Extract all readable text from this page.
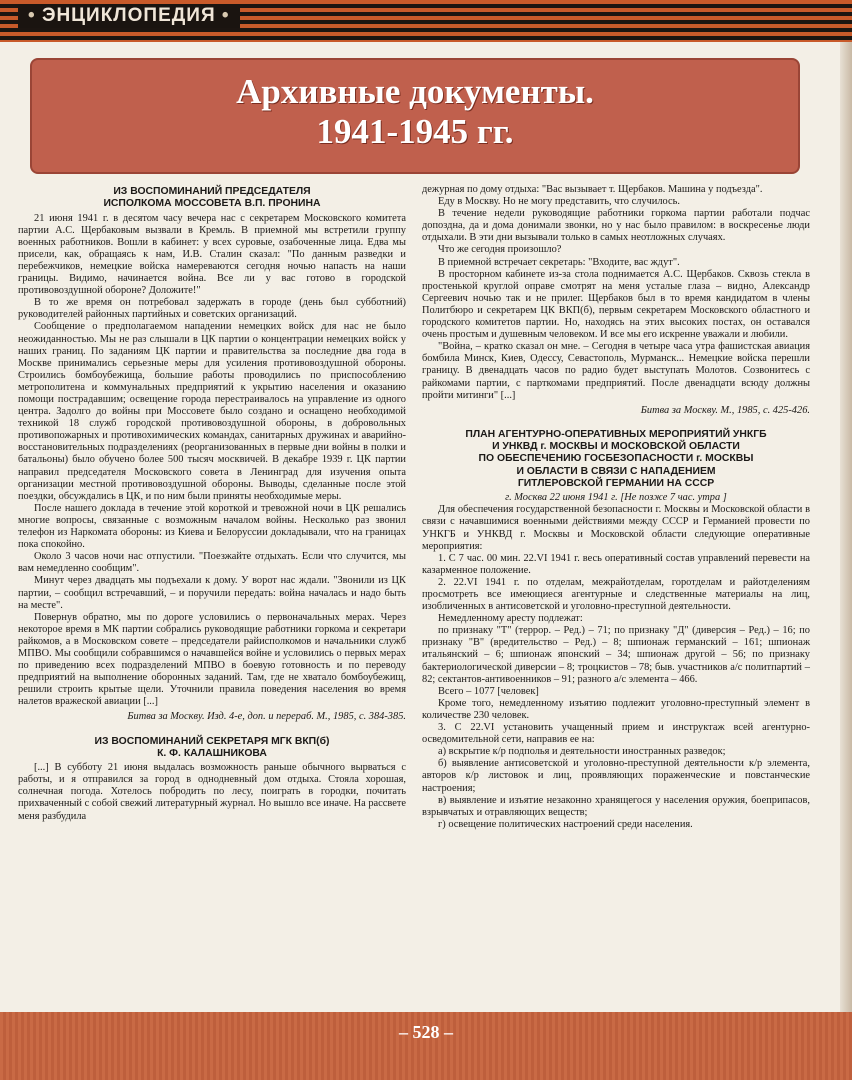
• ЭНЦИКЛОПЕДИЯ •
Архивные документы.
1941-1945 гг.
ИЗ ВОСПОМИНАНИЙ ПРЕДСЕДАТЕЛЯ
ИСПОЛКОМА МОССОВЕТА В.П. ПРОНИНА

21 июня 1941 г. в десятом часу вечера нас с секретарем Московского комитета партии А.С. Щербаковым вызвали в Кремль. В приемной мы встретили группу военных работников. Вошли в кабинет: у всех суровые, озабоченные лица. Едва мы присели, как, обращаясь к нам, И.В. Сталин сказал: "По данным разведки и перебежчиков, немецкие войска намереваются сегодня ночью напасть на наши границы. Видимо, начинается война. Все ли у вас готово в городской противовоздушной обороне? Доложите!"

В то же время он потребовал задержать в городе (день был субботний) руководителей районных партийных и советских организаций.

Сообщение о предполагаемом нападении немецких войск для нас не было неожиданностью. Мы не раз слышали в ЦК партии о концентрации немецких войск у наших границ. По заданиям ЦК партии и правительства за последние два года в Москве принимались серьезные меры для усиления противовоздушной обороны. Строились бомбоубежища, большие работы проводились по приспособлению метрополитена и коммунальных предприятий к укрытию населения и оказанию помощи пострадавшим; освещение города перестраивалось на управление из одного центра. Задолго до войны при Моссовете было создано и оснащено необходимой техникой 18 служб городской противовоздушной обороны, в добровольных противопожарных и противохимических командах, санитарных дружинах и аварийно-восстановительных подразделениях (реорганизованных в первые дни войны в полки и батальоны) было обучено более 500 тысяч москвичей. В декабре 1939 г. ЦК партии направил председателя Московского совета в Ленинград для изучения опыта организации местной противовоздушной обороны. Выводы, сделанные после этой поездки, обсуждались в ЦК, и по ним были приняты необходимые меры.

После нашего доклада в течение этой короткой и тревожной ночи в ЦК решались многие вопросы, связанные с возможным началом войны. Несколько раз звонил телефон из Наркомата обороны: из Киева и Белоруссии докладывали, что на границах пока спокойно.

Около 3 часов ночи нас отпустили. "Поезжайте отдыхать. Если что случится, мы вам немедленно сообщим".

Минут через двадцать мы подъехали к дому. У ворот нас ждали. "Звонили из ЦК партии, – сообщил встречавший, – и поручили передать: война началась и надо быть на месте".

Повернув обратно, мы по дороге условились о первоначальных мерах. Через некоторое время в МК партии собрались руководящие работники горкома и секретари райкомов, а в Московском совете – председатели райисполкомов и начальники служб МПВО. Мы сообщили собравшимся о начавшейся войне и условились о первых мерах по приведению всех подразделений МПВО в боевую готовность и по переводу предприятий на выполнение оборонных заданий. Там, где не хватало бомбоубежищ, решили строить крытые щели. Уточнили правила поведения населения во время налетов вражеской авиации [...]

Битва за Москву. Изд. 4-е, доп. и перераб. М., 1985, с. 384-385.

ИЗ ВОСПОМИНАНИЙ СЕКРЕТАРЯ МГК ВКП(б)
К. Ф. КАЛАШНИКОВА

[...] В субботу 21 июня выдалась возможность раньше обычного вырваться с работы, и я отправился за город в однодневный дом отдыха. Стояла хорошая, солнечная погода. Хотелось побродить по лесу, поиграть в городки, почитать прихваченный с собой свежий литературный журнал. Но вышло все иначе. На рассвете меня разбудила

дежурная по дому отдыха: "Вас вызывает т. Щербаков. Машина у подъезда".

Еду в Москву. Но не могу представить, что случилось.

В течение недели руководящие работники горкома партии работали подчас допоздна, да и дома донимали звонки, но у нас было правилом: в воскресенье люди отдыхали. В эти дни вызывали только в самых неотложных случаях.

Что же сегодня произошло?

В приемной встречает секретарь: "Входите, вас ждут".

В просторном кабинете из-за стола поднимается А.С. Щербаков. Сквозь стекла в простенькой круглой оправе смотрят на меня усталые глаза – видно, Александр Сергеевич ночью так и не прилег. Щербаков был в то время кандидатом в члены Политбюро и секретарем ЦК ВКП(б), первым секретарем Московского областного и городского комитетов партии. Но, находясь на этих высоких постах, он оставался очень простым и душевным человеком. И все мы его искренне уважали и любили.

"Война, – кратко сказал он мне. – Сегодня в четыре часа утра фашистская авиация бомбила Минск, Киев, Одессу, Севастополь, Мурманск... Немецкие войска перешли границу. В двенадцать часов по радио будет выступать Молотов. Созвонитесь с райкомами партии, с парткомами предприятий. После двенадцати всюду должны пройти митинги" [...]

Битва за Москву. М., 1985, с. 425-426.

ПЛАН АГЕНТУРНО-ОПЕРАТИВНЫХ МЕРОПРИЯТИЙ УНКГБ
И УНКВД г. МОСКВЫ И МОСКОВСКОЙ ОБЛАСТИ
ПО ОБЕСПЕЧЕНИЮ ГОСБЕЗОПАСНОСТИ г. МОСКВЫ
И ОБЛАСТИ В СВЯЗИ С НАПАДЕНИЕМ
ГИТЛЕРОВСКОЙ ГЕРМАНИИ НА СССР

г. Москва 22 июня 1941 г. [Не позже 7 час. утра ]

Для обеспечения государственной безопасности г. Москвы и Московской области в связи с начавшимися военными действиями между СССР и Германией провести по УНКГБ и УНКВД г. Москвы и Московской области следующие оперативные мероприятия:

1. С 7 час. 00 мин. 22.VI 1941 г. весь оперативный состав управлений перевести на казарменное положение.

2. 22.VI 1941 г. по отделам, межрайотделам, горотделам и райотделениям просмотреть все имеющиеся агентурные и следственные материалы на лиц, изобличенных в антисоветской и уголовно-преступной деятельности.

Немедленному аресту подлежат:

по признаку "Т" (террор. – Ред.) – 71; по признаку "Д" (диверсия – Ред.) – 16; по признаку "В" (вредительство – Ред.) – 8; шпионаж германский – 161; шпионаж итальянский – 6; шпионаж японский – 34; шпионаж другой – 56; по признаку бактериологической диверсии – 8; троцкистов – 78; быв. участников а/с политпартий – 82; сектантов-антивоенников – 91; разного а/с элемента – 466.

Всего – 1077 [человек]

Кроме того, немедленному изъятию подлежит уголовно-преступный элемент в количестве 230 человек.

3. С 22.VI установить учащенный прием и инструктаж всей агентурно-осведомительной сети, направив ее на:

а) вскрытие к/р подполья и деятельности иностранных разведок;

б) выявление антисоветской и уголовно-преступной деятельности к/р элемента, авторов к/р листовок и лиц, проявляющих пораженческие и повстанческие настроения;

в) выявление и изъятие незаконно хранящегося у населения оружия, боеприпасов, взрывчатых и отравляющих веществ;

г) освещение политических настроений среди населения.

– 528 –
